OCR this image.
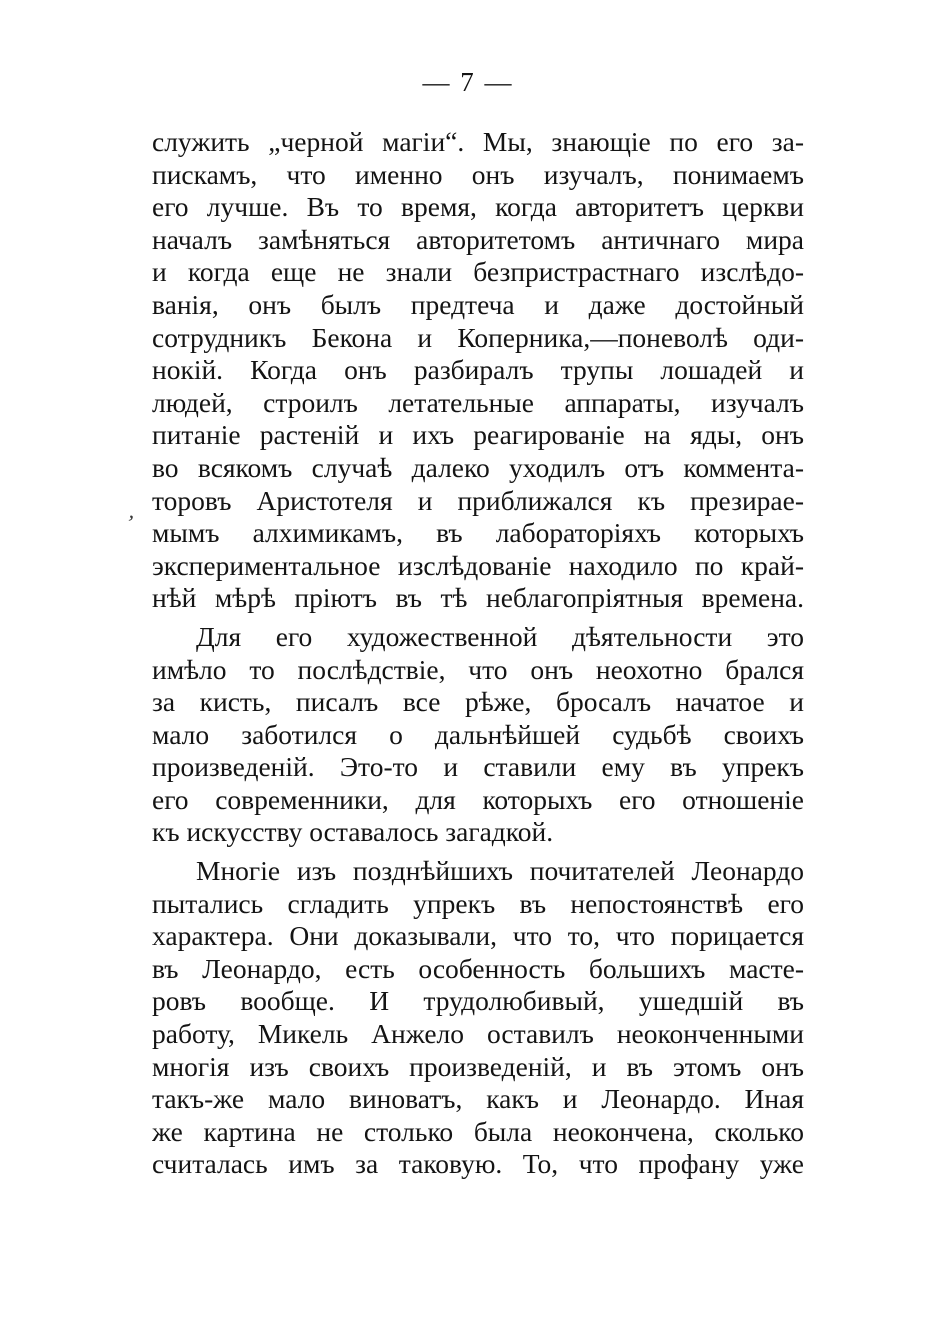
— 7 —
,
служить „черной магіи“. Мы, знающіе по его за-
пискамъ, что именно онъ изучалъ, понимаемъ
его лучше. Въ то время, когда авторитетъ церкви
началъ замѣняться авторитетомъ античнаго мира
и когда еще не знали безпристрастнаго изслѣдо-
ванія, онъ былъ предтеча и даже достойный
сотрудникъ Бекона и Коперника,—поневолѣ оди-
нокій. Когда онъ разбиралъ трупы лошадей и
людей, строилъ летательные аппараты, изучалъ
питаніе растеній и ихъ реагированіе на яды, онъ
во всякомъ случаѣ далеко уходилъ отъ коммента-
торовъ Аристотеля и приближался къ презирае-
мымъ алхимикамъ, въ лабораторіяхъ которыхъ
экспериментальное изслѣдованіе находило по край-
нѣй мѣрѣ пріютъ въ тѣ неблагопріятныя времена.
Для его художественной дѣятельности это
имѣло то послѣдствіе, что онъ неохотно брался
за кисть, писалъ все рѣже, бросалъ начатое и
мало заботился о дальнѣйшей судьбѣ своихъ
произведеній. Это-то и ставили ему въ упрекъ
его современники, для которыхъ его отношеніе
къ искусству оставалось загадкой.
Многіе изъ позднѣйшихъ почитателей Леонардо
пытались сгладить упрекъ въ непостоянствѣ его
характера. Они доказывали, что то, что порицается
въ Леонардо, есть особенность большихъ масте-
ровъ вообще. И трудолюбивый, ушедшій въ
работу, Микель Анжело оставилъ неоконченными
многія изъ своихъ произведеній, и въ этомъ онъ
такъ-же мало виноватъ, какъ и Леонардо. Иная
же картина не столько была неокончена, сколько
считалась имъ за таковую. То, что профану уже
